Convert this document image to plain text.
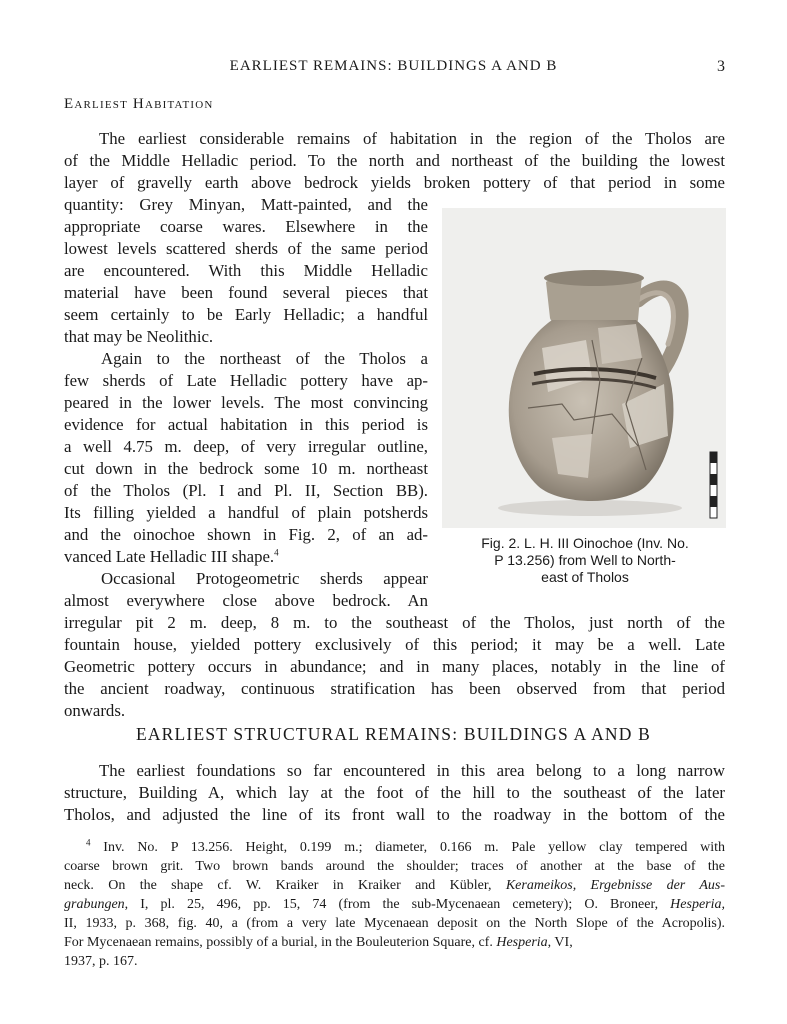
EARLIEST REMAINS: BUILDINGS A AND B	3
Earliest Habitation
The earliest considerable remains of habitation in the region of the Tholos are
of the Middle Helladic period. To the north and northeast of the building the lowest
layer of gravelly earth above bedrock yields broken pottery of that period in some
quantity: Grey Minyan, Matt-painted, and the
appropriate coarse wares. Elsewhere in the
lowest levels scattered sherds of the same period
are encountered. With this Middle Helladic
material have been found several pieces that
seem certainly to be Early Helladic; a handful
that may be Neolithic.
Again to the northeast of the Tholos a
few sherds of Late Helladic pottery have ap-
peared in the lower levels. The most convincing
evidence for actual habitation in this period is
a well 4.75 m. deep, of very irregular outline,
cut down in the bedrock some 10 m. northeast
of the Tholos (Pl. I and Pl. II, Section BB).
Its filling yielded a handful of plain potsherds
and the oinochoe shown in Fig. 2, of an ad-
vanced Late Helladic III shape.$^4$
Occasional Protogeometric sherds appear
almost everywhere close above bedrock. An
irregular pit 2 m. deep, 8 m. to the southeast of the Tholos, just north of the
fountain house, yielded pottery exclusively of this period; it may be a well. Late
Geometric pottery occurs in abundance; and in many places, notably in the line of
the ancient roadway, continuous stratification has been observed from that period
onwards.
Fig. 2. L. H. III Oinochoe (Inv. No.
P 13.256) from Well to North-
east of Tholos
EARLIEST STRUCTURAL REMAINS: BUILDINGS A AND B
The earliest foundations so far encountered in this area belong to a long narrow
structure, Building A, which lay at the foot of the hill to the southeast of the later
Tholos, and adjusted the line of its front wall to the roadway in the bottom of the
$^4$ Inv. No. P 13.256. Height, 0.199 m.; diameter, 0.166 m. Pale yellow clay tempered with
coarse brown grit. Two brown bands around the shoulder; traces of another at the base of the
neck. On the shape cf. W. Kraiker in Kraiker and Kübler, Kerameikos, Ergebnisse der Aus-
grabungen, I, pl. 25, 496, pp. 15, 74 (from the sub-Mycenaean cemetery); O. Broneer, Hesperia,
II, 1933, p. 368, fig. 40, a (from a very late Mycenaean deposit on the North Slope of the Acropolis).
For Mycenaean remains, possibly of a burial, in the Bouleuterion Square, cf. Hesperia, VI,
1937, p. 167.
